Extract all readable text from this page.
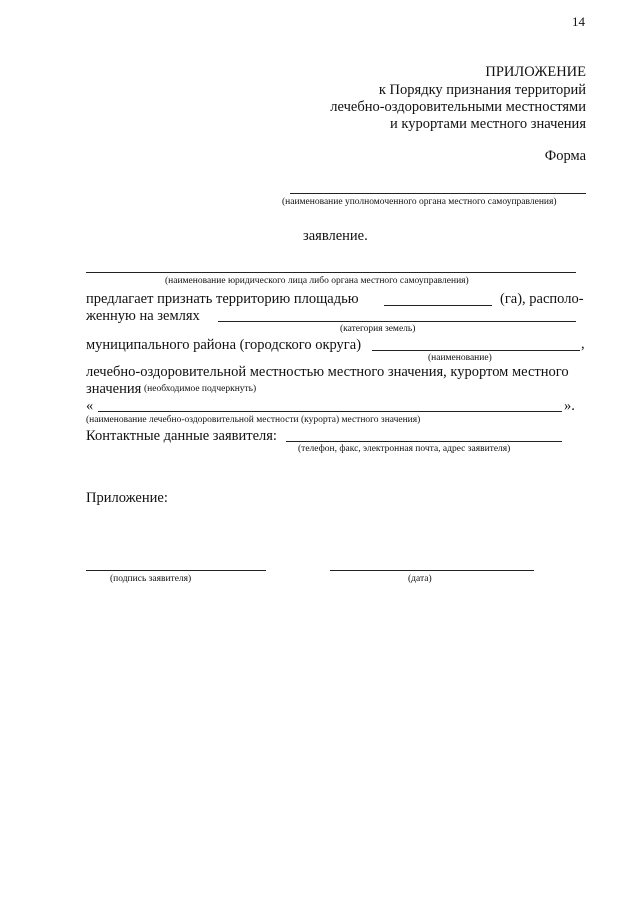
14
ПРИЛОЖЕНИЕ
к Порядку признания территорий
лечебно-оздоровительными местностями
и курортами местного значения
Форма
(наименование уполномоченного органа местного самоуправления)
заявление.
(наименование юридического лица либо органа местного самоуправления)
предлагает признать территорию площадью	(га), располо-
женную на землях
(категория земель)
муниципального района (городского округа)	,
(наименование)
лечебно-оздоровительной местностью местного значения, курортом местного
значения (необходимое подчеркнуть)
«	».
(наименование лечебно-оздоровительной местности (курорта) местного значения)
Контактные данные заявителя:
(телефон, факс, электронная почта, адрес заявителя)
Приложение:
(подпись заявителя)	(дата)
